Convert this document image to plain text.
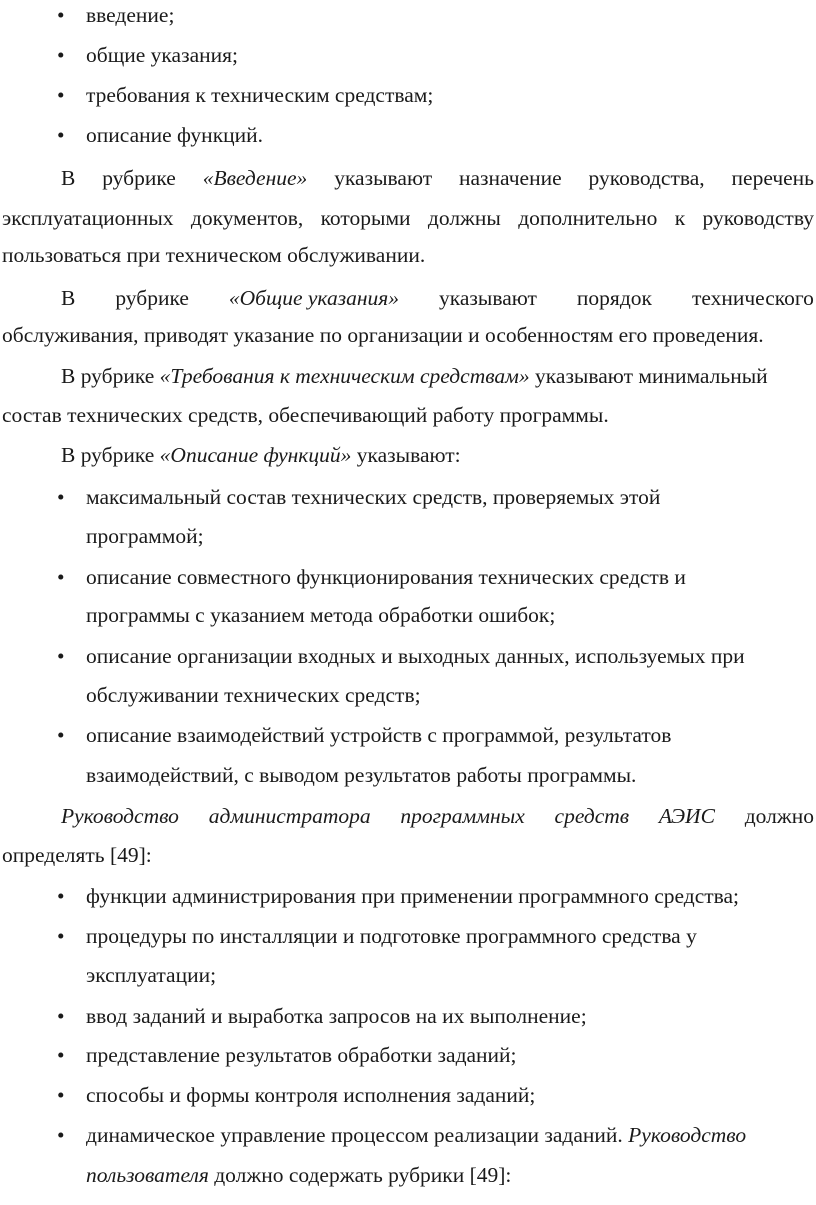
• введение;
• общие указания;
• требования к техническим средствам;
• описание функций.
В рубрике «Введение» указывают назначение руководства, перечень
эксплуатационных документов, которыми должны дополнительно к руководству
пользоваться при техническом обслуживании.
В рубрике «Общие указания» указывают порядок технического
обслуживания, приводят указание по организации и особенностям его проведения.
В рубрике «Требования к техническим средствам» указывают минимальный
состав технических средств, обеспечивающий работу программы.
В рубрике «Описание функций» указывают:
• максимальный состав технических средств, проверяемых этой
программой;
• описание совместного функционирования технических средств и
программы с указанием метода обработки ошибок;
• описание организации входных и выходных данных, используемых при
обслуживании технических средств;
• описание взаимодействий устройств с программой, результатов
взаимодействий, с выводом результатов работы программы.
Руководство администратора программных средств АЭИС должно
определять [49]:
• функции администрирования при применении программного средства;
• процедуры по инсталляции и подготовке программного средства у
эксплуатации;
• ввод заданий и выработка запросов на их выполнение;
• представление результатов обработки заданий;
• способы и формы контроля исполнения заданий;
• динамическое управление процессом реализации заданий. Руководство
пользователя должно содержать рубрики [49]:
